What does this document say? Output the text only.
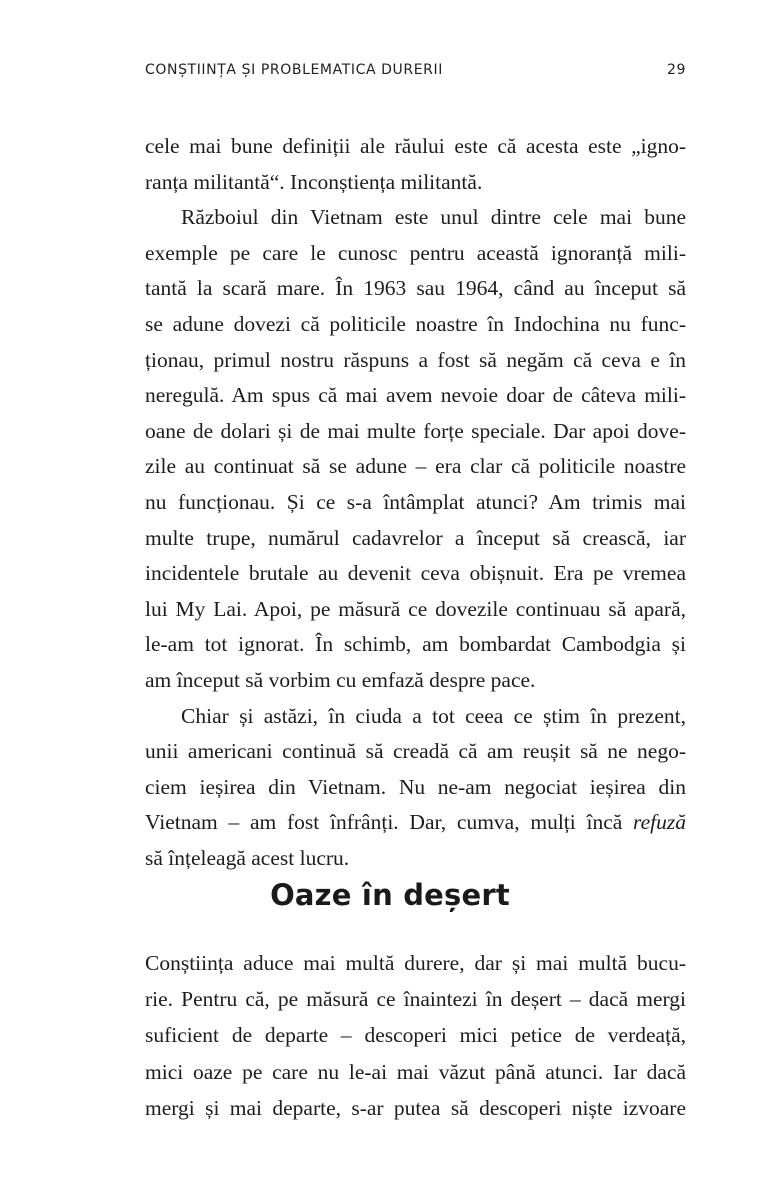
CONȘTIINȚA ȘI PROBLEMATICA DURERII	29
cele mai bune definiții ale răului este că acesta este „igno-
ranța militantă“. Inconștiența militantă.
Războiul din Vietnam este unul dintre cele mai bune
exemple pe care le cunosc pentru această ignoranță mili-
tantă la scară mare. În 1963 sau 1964, când au început să
se adune dovezi că politicile noastre în Indochina nu func-
ționau, primul nostru răspuns a fost să negăm că ceva e în
neregulă. Am spus că mai avem nevoie doar de câteva mili-
oane de dolari și de mai multe forțe speciale. Dar apoi dove-
zile au continuat să se adune – era clar că politicile noastre
nu funcționau. Și ce s-a întâmplat atunci? Am trimis mai
multe trupe, numărul cadavrelor a început să crească, iar
incidentele brutale au devenit ceva obișnuit. Era pe vremea
lui My Lai. Apoi, pe măsură ce dovezile continuau să apară,
le-am tot ignorat. În schimb, am bombardat Cambodgia și
am început să vorbim cu emfază despre pace.
Chiar și astăzi, în ciuda a tot ceea ce știm în prezent,
unii americani continuă să creadă că am reușit să ne nego-
ciem ieșirea din Vietnam. Nu ne-am negociat ieșirea din
Vietnam – am fost înfrânți. Dar, cumva, mulți încă refuză
să înțeleagă acest lucru.
Oaze în deșert
Conștiința aduce mai multă durere, dar și mai multă bucu-
rie. Pentru că, pe măsură ce înaintezi în deșert – dacă mergi
suficient de departe – descoperi mici petice de verdeață,
mici oaze pe care nu le-ai mai văzut până atunci. Iar dacă
mergi și mai departe, s-ar putea să descoperi niște izvoare
